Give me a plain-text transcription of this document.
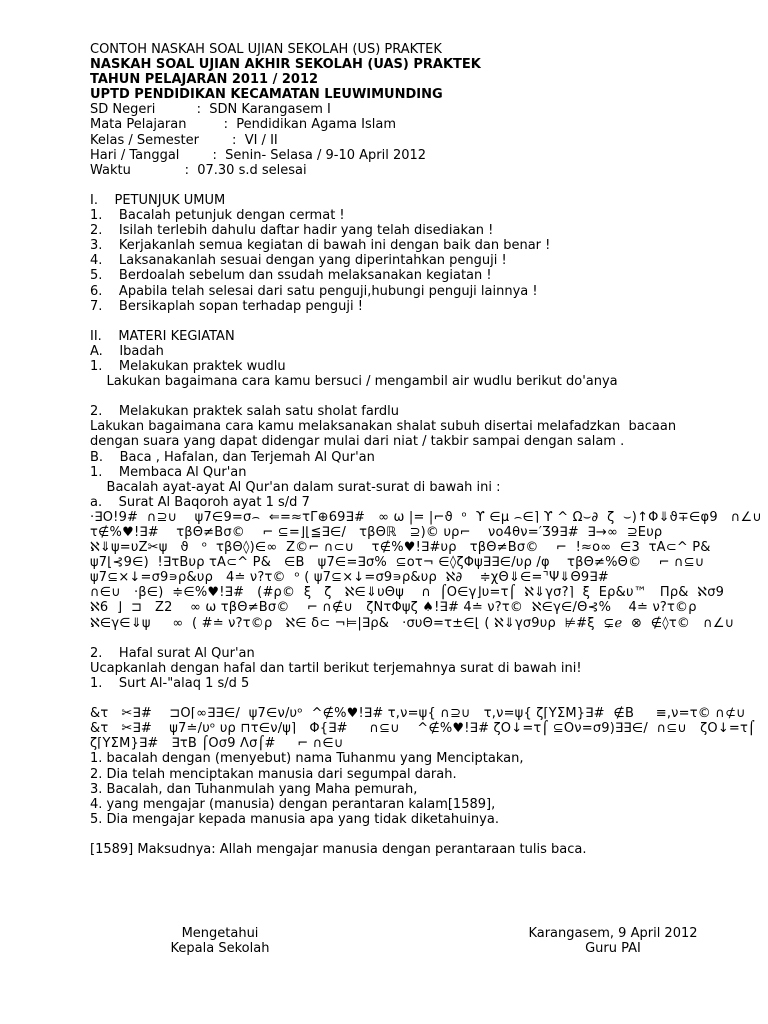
CONTOH NASKAH SOAL UJIAN SEKOLAH (US) PRAKTEK
NASKAH SOAL UJIAN AKHIR SEKOLAH (UAS) PRAKTEK
TAHUN PELAJARAN 2011 / 2012
UPTD PENDIDIKAN KECAMATAN LEUWIMUNDING
SD Negeri          :  SDN Karangasem I
Mata Pelajaran         :  Pendidikan Agama Islam
Kelas / Semester        :  VI / II
Hari / Tanggal        :  Senin- Selasa / 9-10 April 2012
Waktu             :  07.30 s.d selesai
I.    PETUNJUK UMUM
1.    Bacalah petunjuk dengan cermat !
2.    Isilah terlebih dahulu daftar hadir yang telah disediakan !
3.    Kerjakanlah semua kegiatan di bawah ini dengan baik dan benar !
4.    Laksanakanlah sesuai dengan yang diperintahkan penguji !
5.    Berdoalah sebelum dan ssudah melaksanakan kegiatan !
6.    Apabila telah selesai dari satu penguji,hubungi penguji lainnya !
7.    Bersikaplah sopan terhadap penguji !
II.    MATERI KEGIATAN
A.    Ibadah
1.    Melakukan praktek wudlu
Lakukan bagaimana cara kamu bersuci / mengambil air wudlu berikut do'anya
2.    Melakukan praktek salah satu sholat fardlu
Lakukan bagaimana cara kamu melaksanakan shalat subuh disertai melafadzkan  bacaan
dengan suara yang dapat didengar mulai dari niat / takbir sampai dengan salam .
B.    Baca , Hafalan, dan Terjemah Al Qur'an
1.    Membaca Al Qur'an
Bacalah ayat-ayat Al Qur'an dalam surat-surat di bawah ini :
a.    Surat Al Baqoroh ayat 1 s/d 7
·∃O!9#  ∩⊇∪    ψ7∈9=σ⌢  ⇐=≈τΓ⊕69∃#   ∞ ω |= |⌐ϑ  ᵒ  ϒ ∈μ ⌢∈⌉ ϒ ^ Ω⌣∂  ζ  ⌣)↑Φ⇓ϑ∓∈φ9   ∩∠∪
τ∉%♥!∃#    τβΘ≠Βσ©    ⌐ ⊆=⌋⌊≦∃∈/   τβΘℝ   ⊇)© υρ⌐    νο4θν=′Ʒ9∃#  ∃→∞  ⊇Ευρ
ℵ⇓ψ=υΖ✂ψ   ϑ   ᵒ  τβΘ◊)∈∞  Z©⌐ ∩⊂∪    τ∉%♥!∃#υρ   τβΘ≠Βσ©    ⌐  !≈ο∞  ∈3  τΑ⊂^ Ρ&
ψ7⌊⊰9∈)  !∃τΒυρ τΑ⊂^ Ρ&   ∈Β   ψ7∈=∃σ%  ⊆οτ¬ ∈◊ζΦψ∃∃∈/υρ /φ    τβΘ≠%Θ©    ⌐ ∩⊆∪
ψ7⊆×↓=σ9∍ρ&υρ   4≐ ν?τ©  ᵒ ( ψ7⊆×↓=σ9∍ρ&υρ  ℵ∂    ≑χΘ⇓∈=⌝Ψ⇓Θ9∃#
∩∈∪   ·β∈)  ≑∈%♥!∃#   (#ρ©  ξ   ζ   ℵ∈⇓υΘψ    ∩  ⌠Ο∈γ⌋υ=τ⌠  ℵ⇓γσ?⌉  ξ  Ερ&υ™   Πρ&  ℵσ9
ℵ6  ⌋  ⊐   Ζ2    ∞ ω τβΘ≠Βσ©    ⌐ ∩∉∪   ζΝτΦψζ ♠!∃# 4≐ ν?τ©  ℵ∈γ∈/Θ⊰%    4≐ ν?τ©ρ
ℵ∈γ∈⇓ψ     ∞  ( #≐ ν?τ©ρ   ℵ∈ δ⊂ ¬⊨|∃ρ&   ·συΘ=τ±∈⌊ ( ℵ⇓γσ9υρ  ⊭#ξ  ⊊ℯ  ⊗  ∉◊τ©   ∩∠∪
2.    Hafal surat Al Qur'an
Ucapkanlah dengan hafal dan tartil berikut terjemahnya surat di bawah ini!
1.    Surt Al-"alaq 1 s/d 5
&τ   ✂∃#    ⊐Ο⌈∞∃∃∈/  ψ7∈ν/υᵒ  ^∉%♥!∃# τ,ν=ψ{ ∩⊇∪   τ,ν=ψ{ ζ⌈ΥΣΜ}∃#  ∉Β     ≡,ν=τ© ∩⊄∪
&τ   ✂∃#    ψ7≐/υᵒ υρ ⊓τ∈ν/ψ⌉   Φ{∃#     ∩⊆∪    ^∉%♥!∃# ζΟ↓=τ⌠ ⊆Ον=σ9)∃∃∈/  ∩⊆∪   ζΟ↓=τ⌠
ζ⌈ΥΣΜ}∃#   ∃τΒ ⌠Οσ9 Λσ⌠#     ⌐ ∩∈∪
1. bacalah dengan (menyebut) nama Tuhanmu yang Menciptakan,
2. Dia telah menciptakan manusia dari segumpal darah.
3. Bacalah, dan Tuhanmulah yang Maha pemurah,
4. yang mengajar (manusia) dengan perantaran kalam[1589],
5. Dia mengajar kepada manusia apa yang tidak diketahuinya.
[1589] Maksudnya: Allah mengajar manusia dengan perantaraan tulis baca.
Mengetahui
Kepala Sekolah
Karangasem, 9 April 2012
Guru PAI
